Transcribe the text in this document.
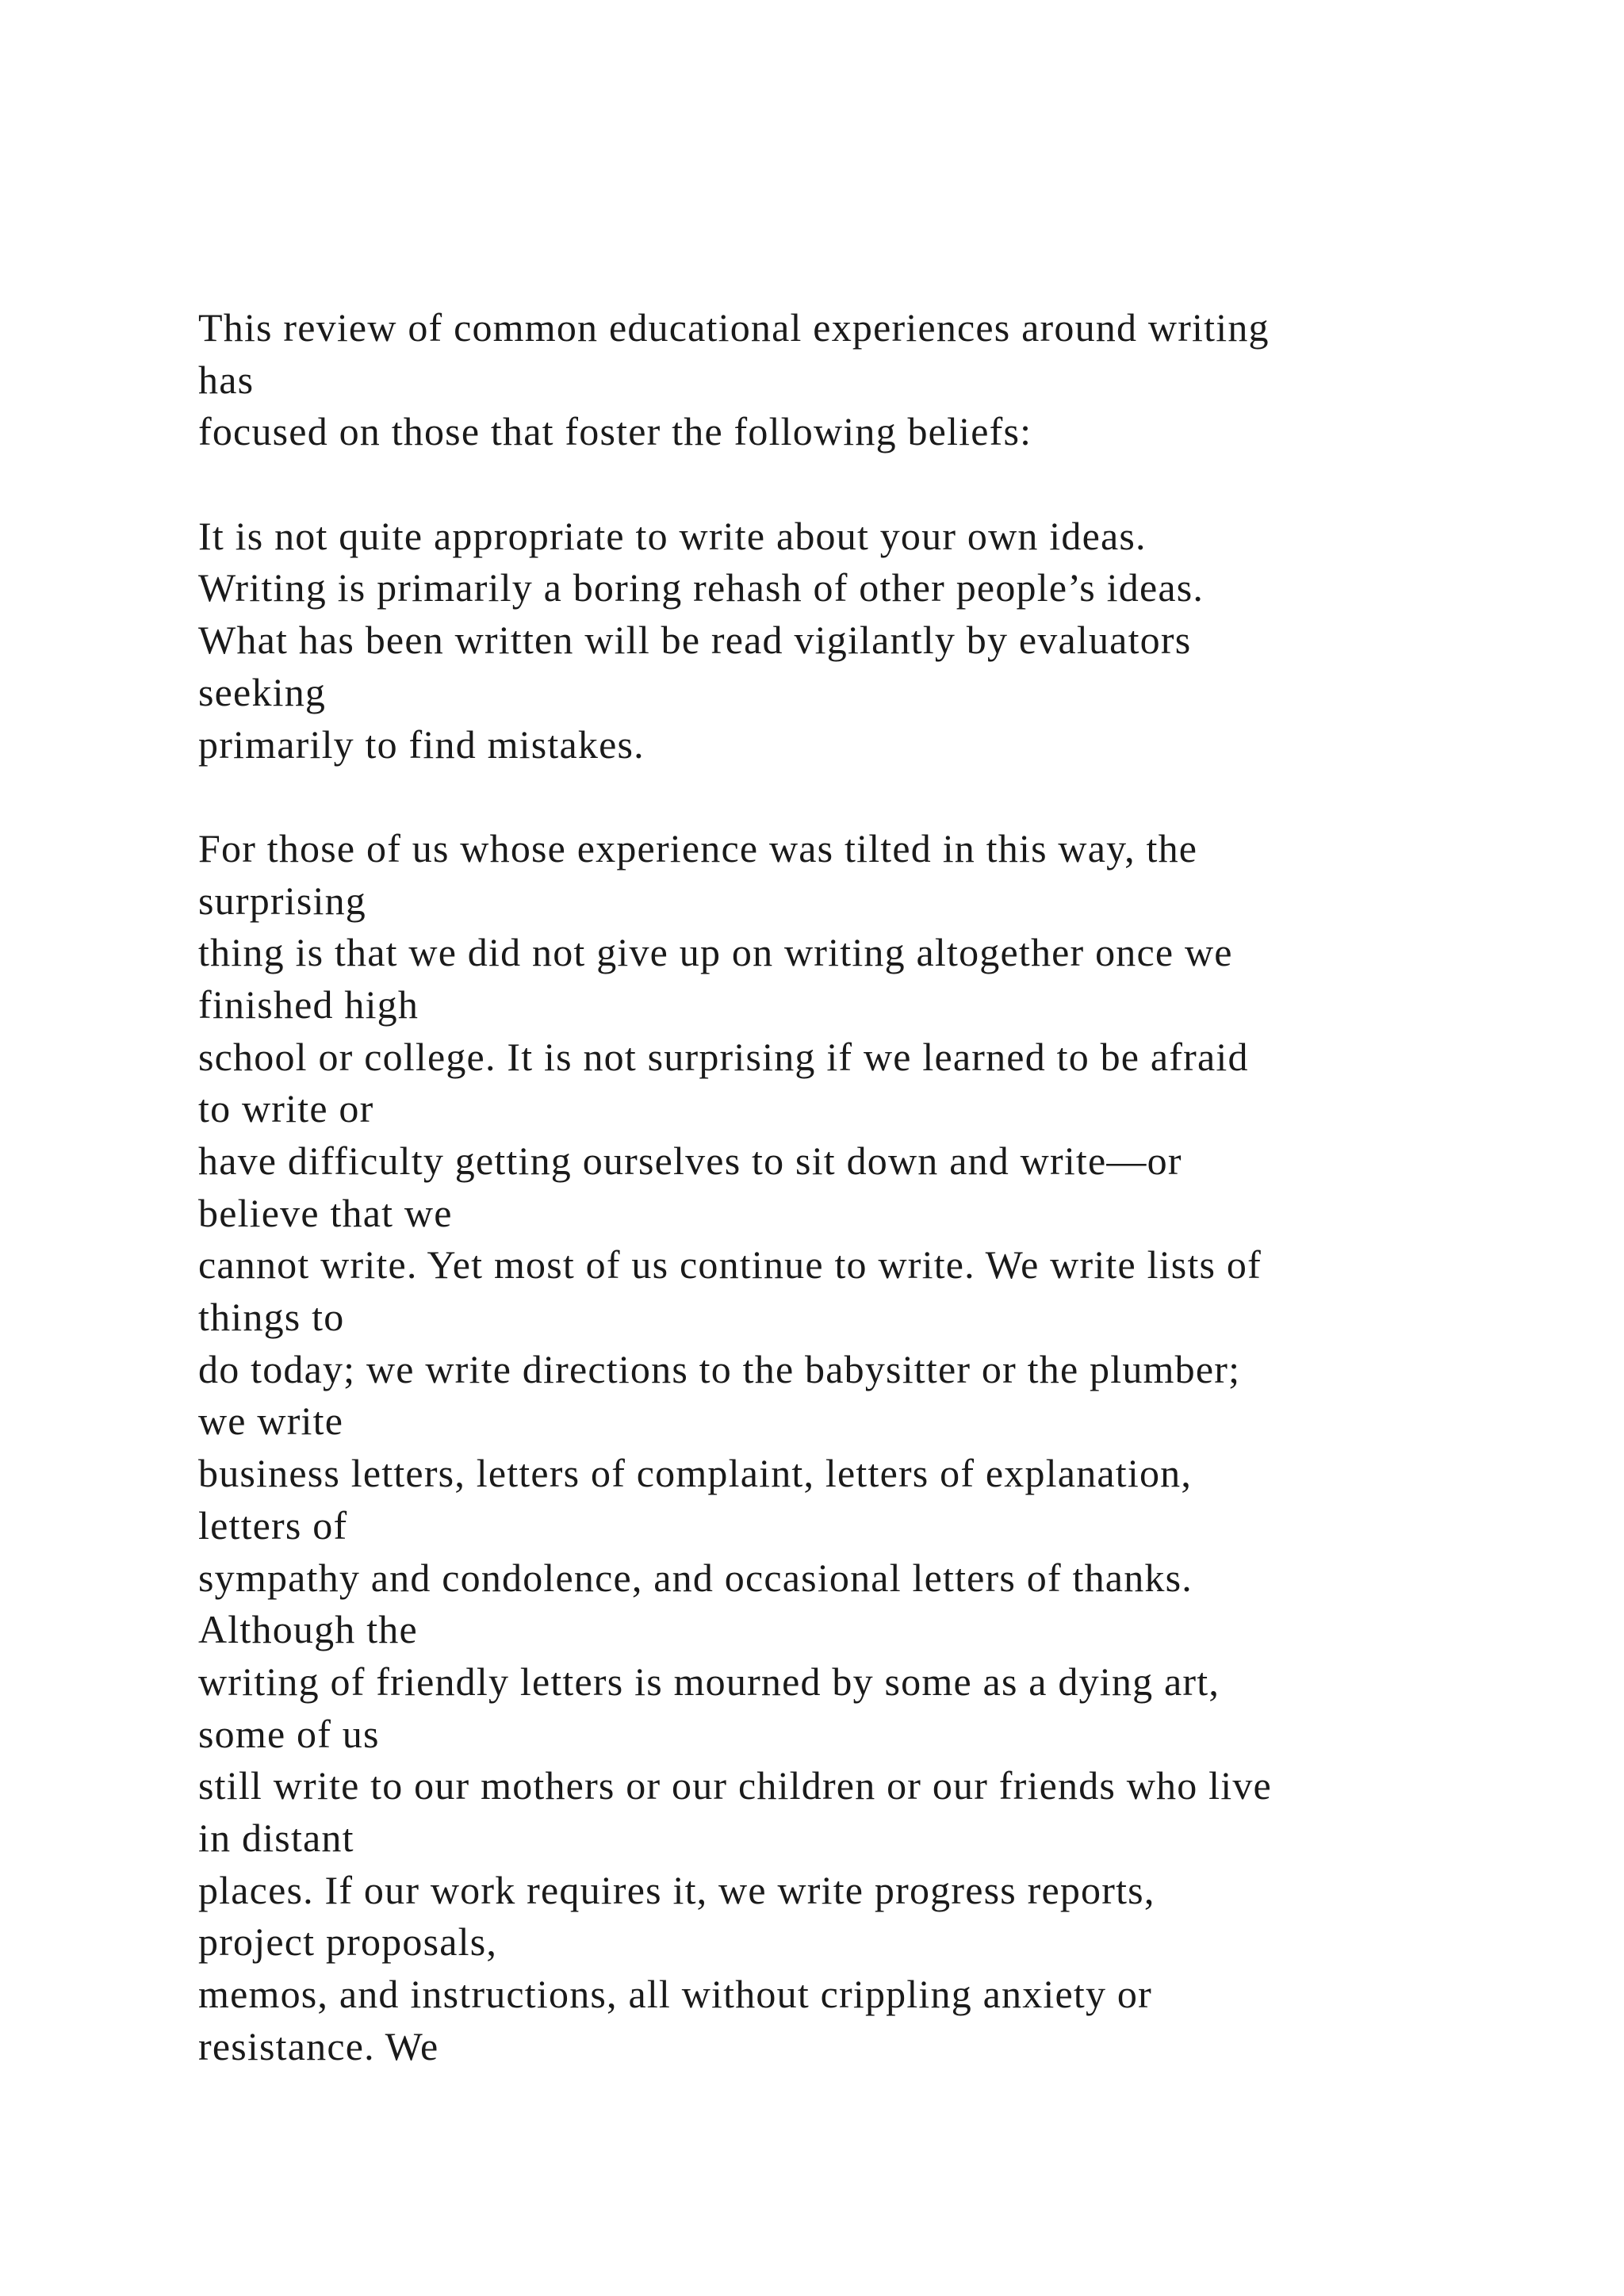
This review of common educational experiences around writing
has
focused on those that foster the following beliefs:
It is not quite appropriate to write about your own ideas.
Writing is primarily a boring rehash of other people’s ideas.
What has been written will be read vigilantly by evaluators
seeking
primarily to find mistakes.
For those of us whose experience was tilted in this way, the
surprising
thing is that we did not give up on writing altogether once we
finished high
school or college. It is not surprising if we learned to be afraid
to write or
have difficulty getting ourselves to sit down and write—or
believe that we
cannot write. Yet most of us continue to write. We write lists of
things to
do today; we write directions to the babysitter or the plumber;
we write
business letters, letters of complaint, letters of explanation,
letters of
sympathy and condolence, and occasional letters of thanks.
Although the
writing of friendly letters is mourned by some as a dying art,
some of us
still write to our mothers or our children or our friends who live
in distant
places. If our work requires it, we write progress reports,
project proposals,
memos, and instructions, all without crippling anxiety or
resistance. We
